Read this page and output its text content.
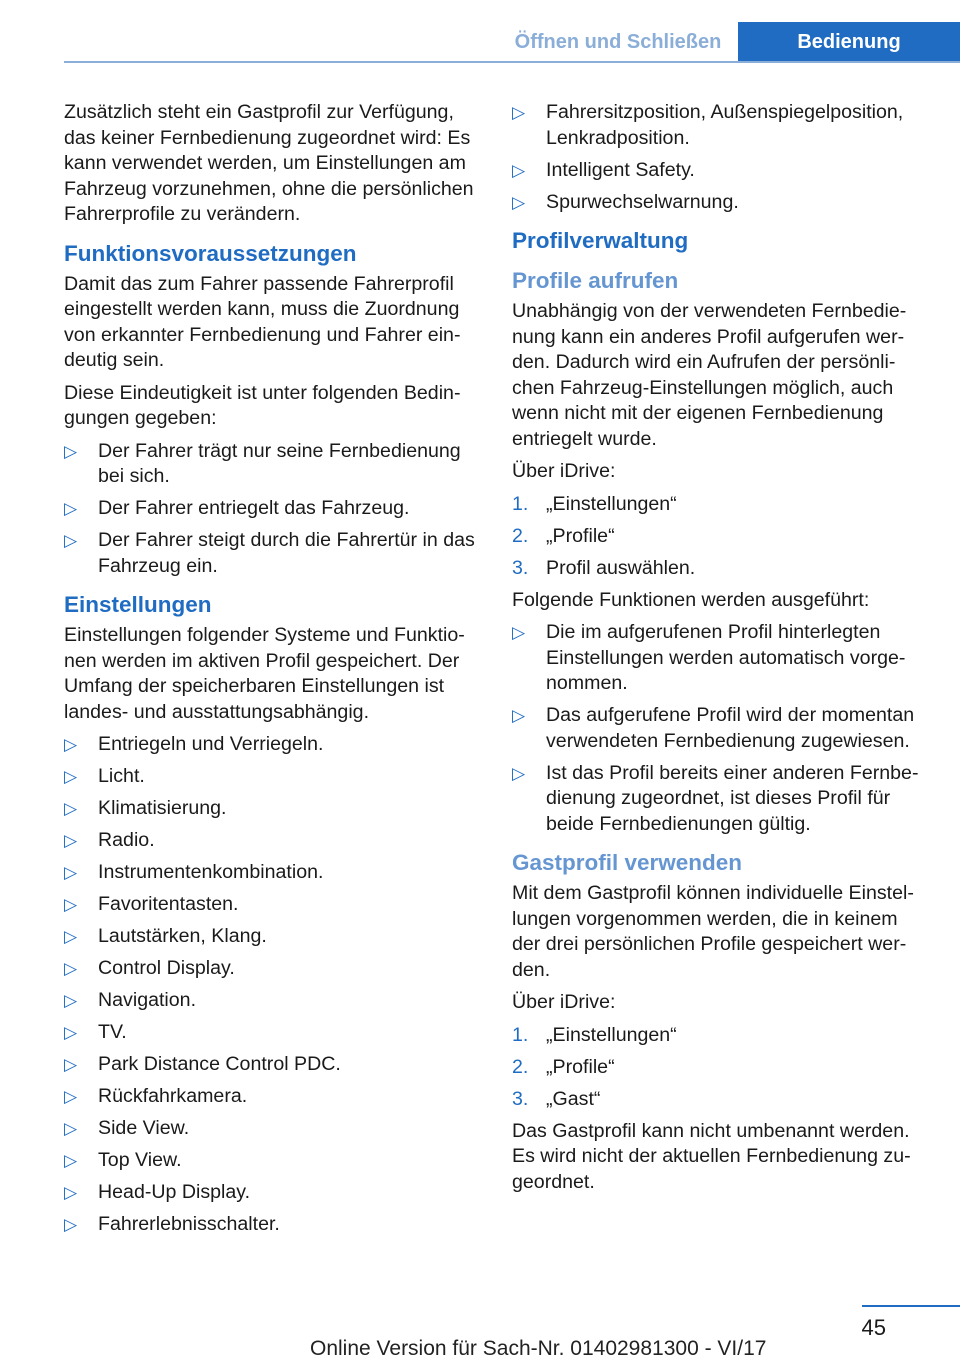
Öffnen und Schließen	Bedienung

Zusätzlich steht ein Gastprofil zur Verfügung, das keiner Fernbedienung zugeordnet wird: Es kann verwendet werden, um Einstellungen am Fahrzeug vorzunehmen, ohne die persönlichen Fahrerprofile zu verändern.

Funktionsvoraussetzungen

Damit das zum Fahrer passende Fahrerprofil eingestellt werden kann, muss die Zuordnung von erkannter Fernbedienung und Fahrer ein-deutig sein.

Diese Eindeutigkeit ist unter folgenden Bedin-gungen gegeben:

▷ Der Fahrer trägt nur seine Fernbedienung bei sich.
▷ Der Fahrer entriegelt das Fahrzeug.
▷ Der Fahrer steigt durch die Fahrertür in das Fahrzeug ein.
Einstellungen

Einstellungen folgender Systeme und Funktio-nen werden im aktiven Profil gespeichert. Der Umfang der speicherbaren Einstellungen ist landes- und ausstattungsabhängig.

▷ Entriegeln und Verriegeln.
▷ Licht.
▷ Klimatisierung.
▷ Radio.
▷ Instrumentenkombination.
▷ Favoritentasten.
▷ Lautstärken, Klang.
▷ Control Display.
▷ Navigation.
▷ TV.
▷ Park Distance Control PDC.
▷ Rückfahrkamera.
▷ Side View.
▷ Top View.
▷ Head-Up Display.
▷ Fahrerlebnisschalter.
▷ Fahrersitzposition, Außenspiegelposition, Lenkradposition.
▷ Intelligent Safety.
▷ Spurwechselwarnung.
Profilverwaltung
Profile aufrufen

Unabhängig von der verwendeten Fernbedie-nung kann ein anderes Profil aufgerufen wer-den. Dadurch wird ein Aufrufen der persönli-chen Fahrzeug-Einstellungen möglich, auch wenn nicht mit der eigenen Fernbedienung entriegelt wurde.

Über iDrive:

1. „Einstellungen“
2. „Profile“
3. Profil auswählen.

Folgende Funktionen werden ausgeführt:

▷ Die im aufgerufenen Profil hinterlegten Einstellungen werden automatisch vorge-nommen.
▷ Das aufgerufene Profil wird der momentan verwendeten Fernbedienung zugewiesen.
▷ Ist das Profil bereits einer anderen Fernbe-dienung zugeordnet, ist dieses Profil für beide Fernbedienungen gültig.
Gastprofil verwenden

Mit dem Gastprofil können individuelle Einstel-lungen vorgenommen werden, die in keinem der drei persönlichen Profile gespeichert wer-den.

Über iDrive:

1. „Einstellungen“
2. „Profile“
3. „Gast“

Das Gastprofil kann nicht umbenannt werden. Es wird nicht der aktuellen Fernbedienung zu-geordnet.

45
Online Version für Sach-Nr. 01402981300 - VI/17
